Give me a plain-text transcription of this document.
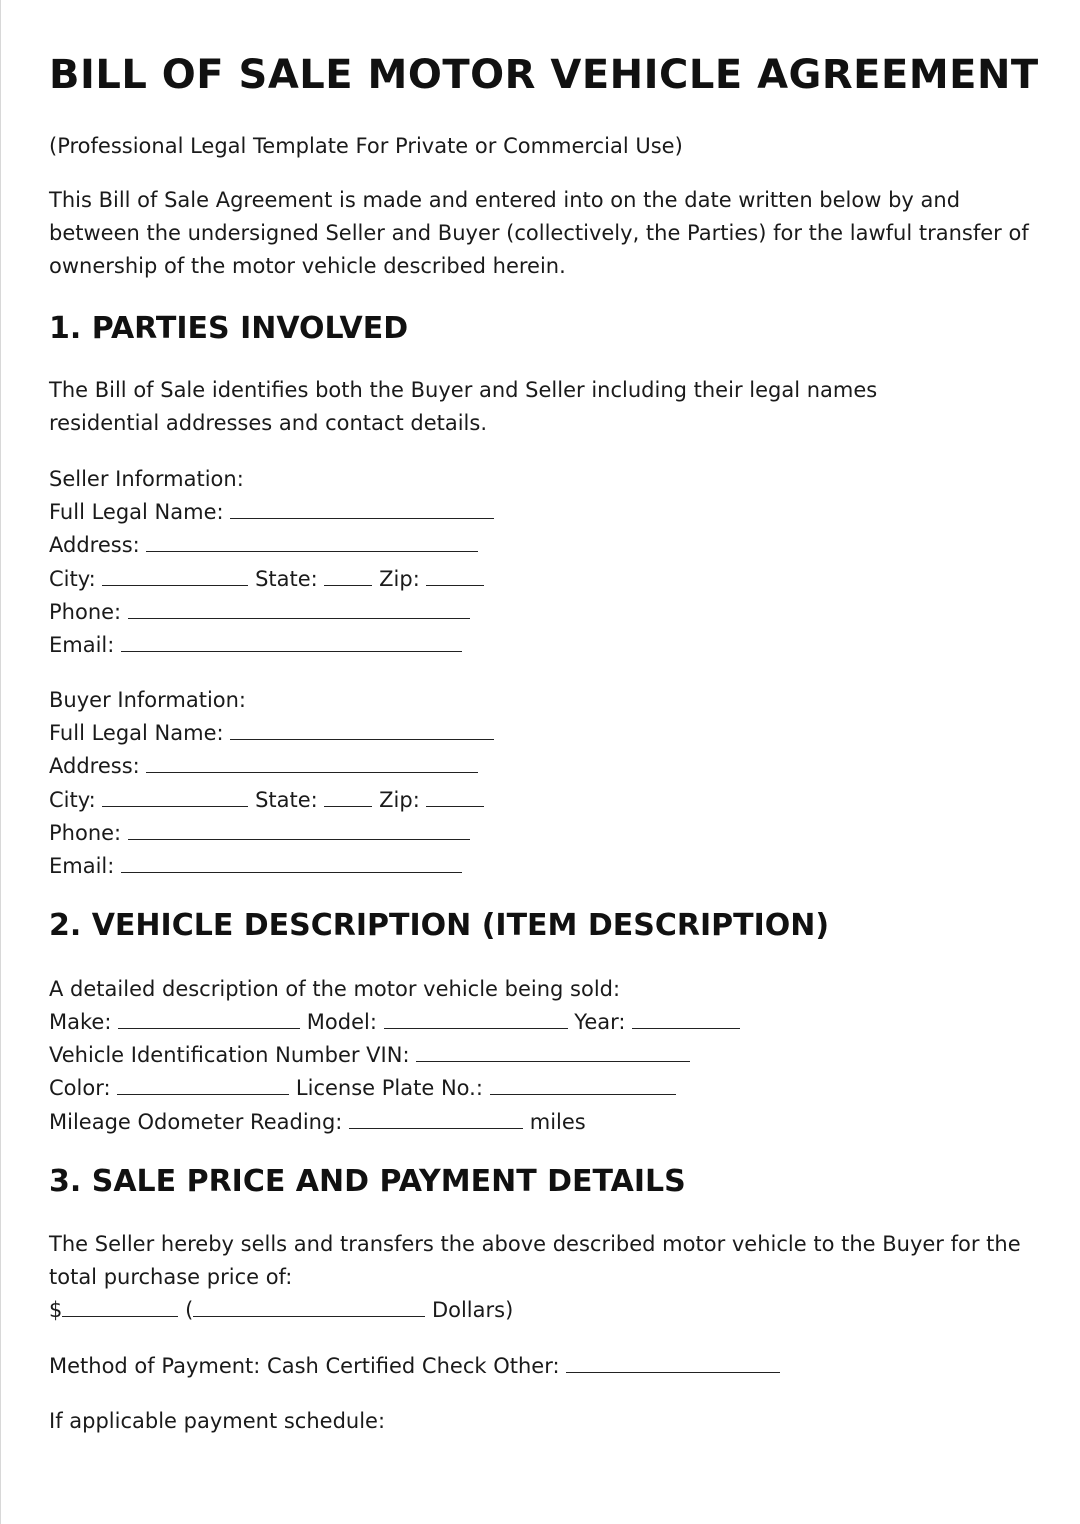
BILL OF SALE MOTOR VEHICLE AGREEMENT
(Professional Legal Template For Private or Commercial Use)
This Bill of Sale Agreement is made and entered into on the date written below by and between the undersigned Seller and Buyer (collectively, the Parties) for the lawful transfer of ownership of the motor vehicle described herein.
1. PARTIES INVOLVED
The Bill of Sale identifies both the Buyer and Seller including their legal names residential addresses and contact details.
Seller Information:
Full Legal Name:
Address:
City:	State:	Zip:
Phone:
Email:
Buyer Information:
Full Legal Name:
Address:
City:	State:	Zip:
Phone:
Email:
2. VEHICLE DESCRIPTION (ITEM DESCRIPTION)
A detailed description of the motor vehicle being sold:
Make:	Model:	Year:
Vehicle Identification Number VIN:
Color:	License Plate No.:
Mileage Odometer Reading:	miles
3. SALE PRICE AND PAYMENT DETAILS
The Seller hereby sells and transfers the above described motor vehicle to the Buyer for the total purchase price of:
$	(	Dollars)
Method of Payment: Cash Certified Check Other:
If applicable payment schedule:
